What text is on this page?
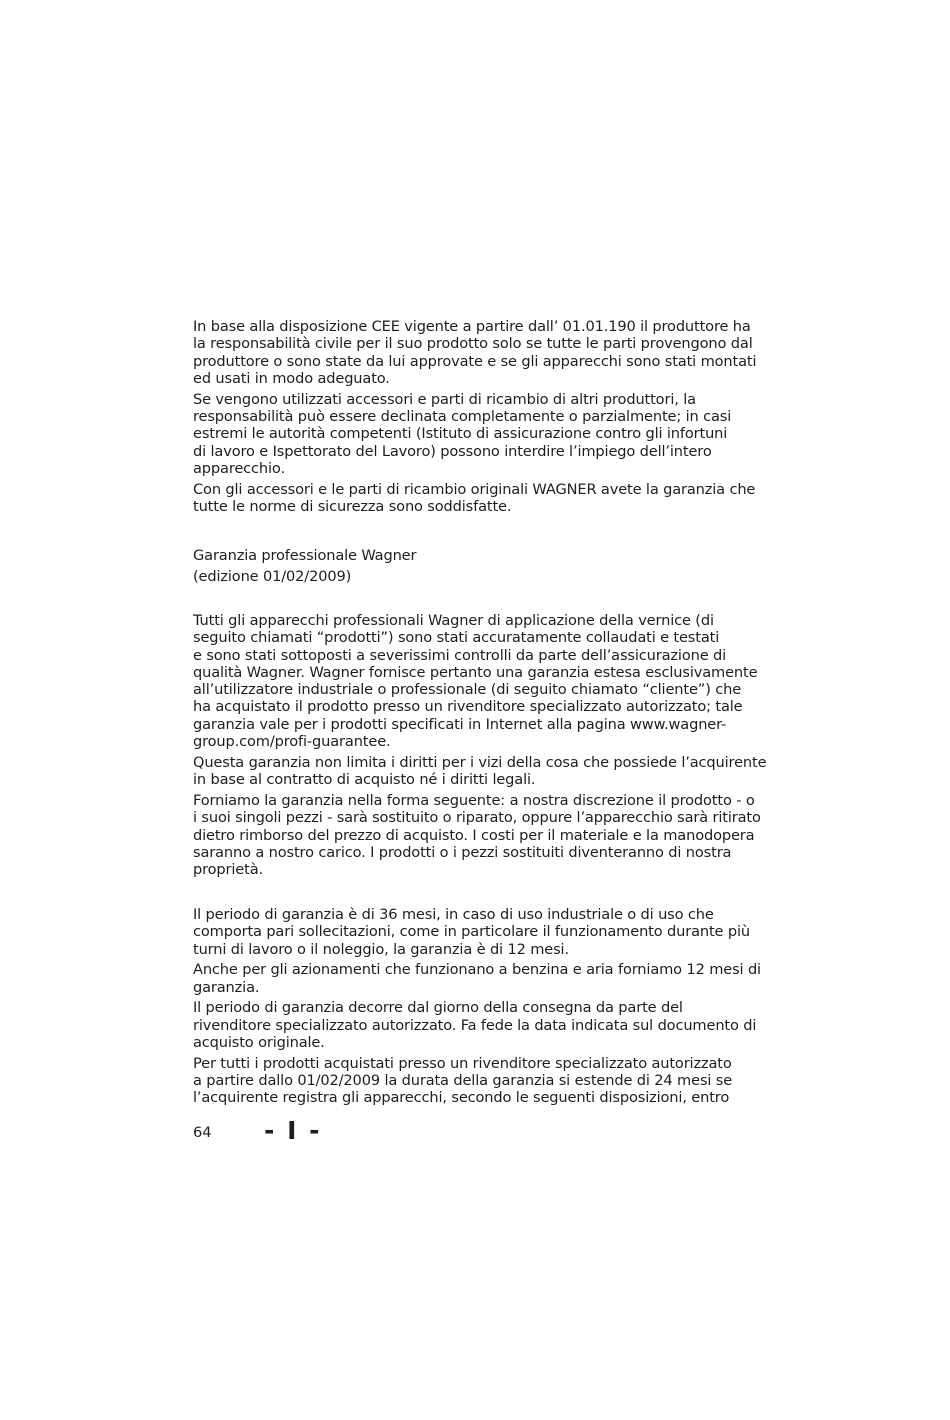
In base alla disposizione CEE vigente a partire dall’ 01.01.190 il produttore ha
la responsabilità civile per il suo prodotto solo se tutte le parti provengono dal
produttore o sono state da lui approvate e se gli apparecchi sono stati montati
ed usati in modo adeguato.

Se vengono utilizzati accessori e parti di ricambio di altri produttori, la
responsabilità può essere declinata completamente o parzialmente; in casi
estremi le autorità competenti (Istituto di assicurazione contro gli infortuni
di lavoro e Ispettorato del Lavoro) possono interdire l’impiego dell’intero
apparecchio.

Con gli accessori e le parti di ricambio originali WAGNER avete la garanzia che
tutte le norme di sicurezza sono soddisfatte.

Garanzia professionale Wagner

(edizione 01/02/2009)

Tutti gli apparecchi professionali Wagner di applicazione della vernice (di
seguito chiamati “prodotti”) sono stati accuratamente collaudati e testati
e sono stati sottoposti a severissimi controlli da parte dell’assicurazione di
qualità Wagner. Wagner fornisce pertanto una garanzia estesa esclusivamente
all’utilizzatore industriale o professionale (di seguito chiamato “cliente”) che
ha acquistato il prodotto presso un rivenditore specializzato autorizzato; tale
garanzia vale per i prodotti specificati in Internet alla pagina www.wagner-
group.com/profi-guarantee.

Questa garanzia non limita i diritti per i vizi della cosa che possiede l’acquirente
in base al contratto di acquisto né i diritti legali.

Forniamo la garanzia nella forma seguente: a nostra discrezione il prodotto - o
i suoi singoli pezzi - sarà sostituito o riparato, oppure l’apparecchio sarà ritirato
dietro rimborso del prezzo di acquisto. I costi per il materiale e la manodopera
saranno a nostro carico. I prodotti o i pezzi sostituiti diventeranno di nostra
proprietà.

Il periodo di garanzia è di 36 mesi, in caso di uso industriale o di uso che
comporta pari sollecitazioni, come in particolare il funzionamento durante più
turni di lavoro o il noleggio, la garanzia è di 12 mesi.

Anche per gli azionamenti che funzionano a benzina e aria forniamo 12 mesi di
garanzia.

Il periodo di garanzia decorre dal giorno della consegna da parte del
rivenditore specializzato autorizzato. Fa fede la data indicata sul documento di
acquisto originale.

Per tutti i prodotti acquistati presso un rivenditore specializzato autorizzato
a partire dallo 01/02/2009 la durata della garanzia si estende di 24 mesi se
l’acquirente registra gli apparecchi, secondo le seguenti disposizioni, entro

64 - I -
